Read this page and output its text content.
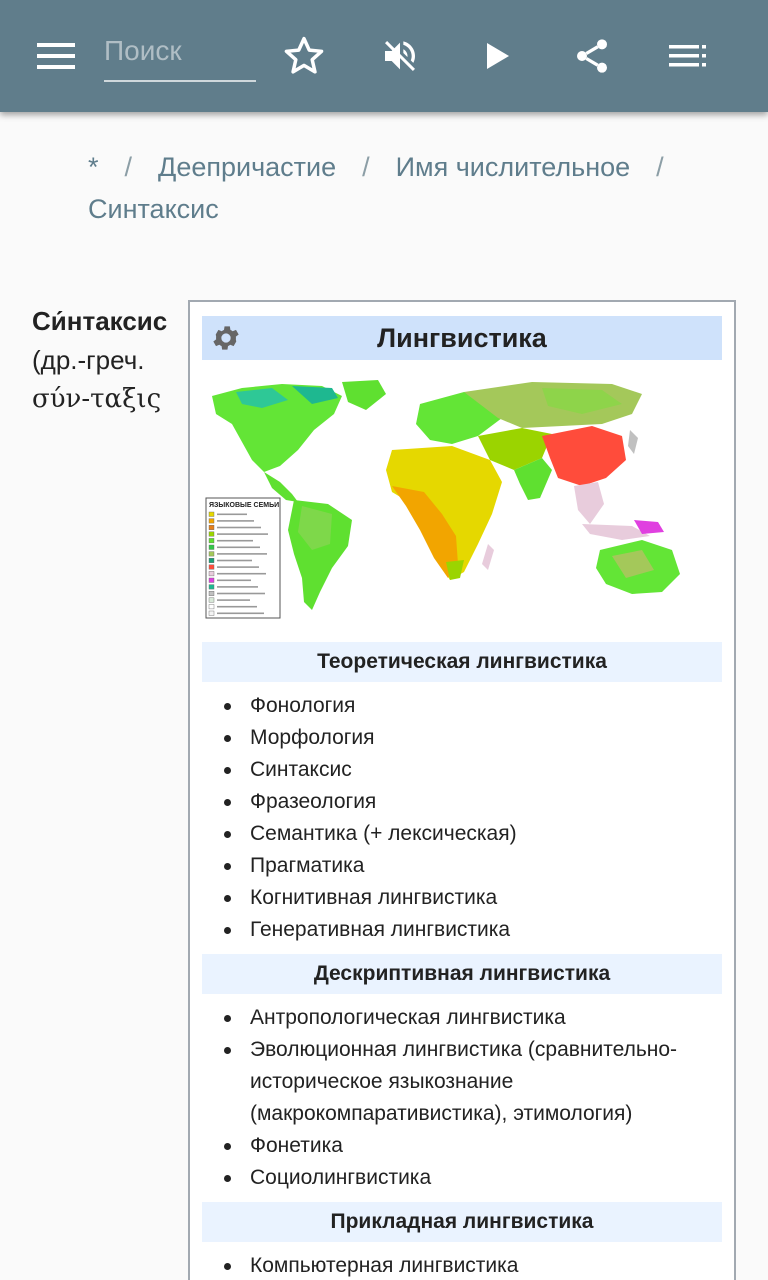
Поиск
* / Деепричастие / Имя числительное /
Синтаксис
Си́нтаксис
(др.-греч.
σύν-ταξις
Лингвистика
ЯЗЫКОВЫЕ СЕМЬИ
Теоретическая лингвистика
Фонология
Морфология
Синтаксис
Фразеология
Семантика (+ лексическая)
Прагматика
Когнитивная лингвистика
Генеративная лингвистика
Дескриптивная лингвистика
Антропологическая лингвистика
Эволюционная лингвистика (сравнительно-историческое языкознание (макрокомпаративистика), этимология)
Фонетика
Социолингвистика
Прикладная лингвистика
Компьютерная лингвистика
